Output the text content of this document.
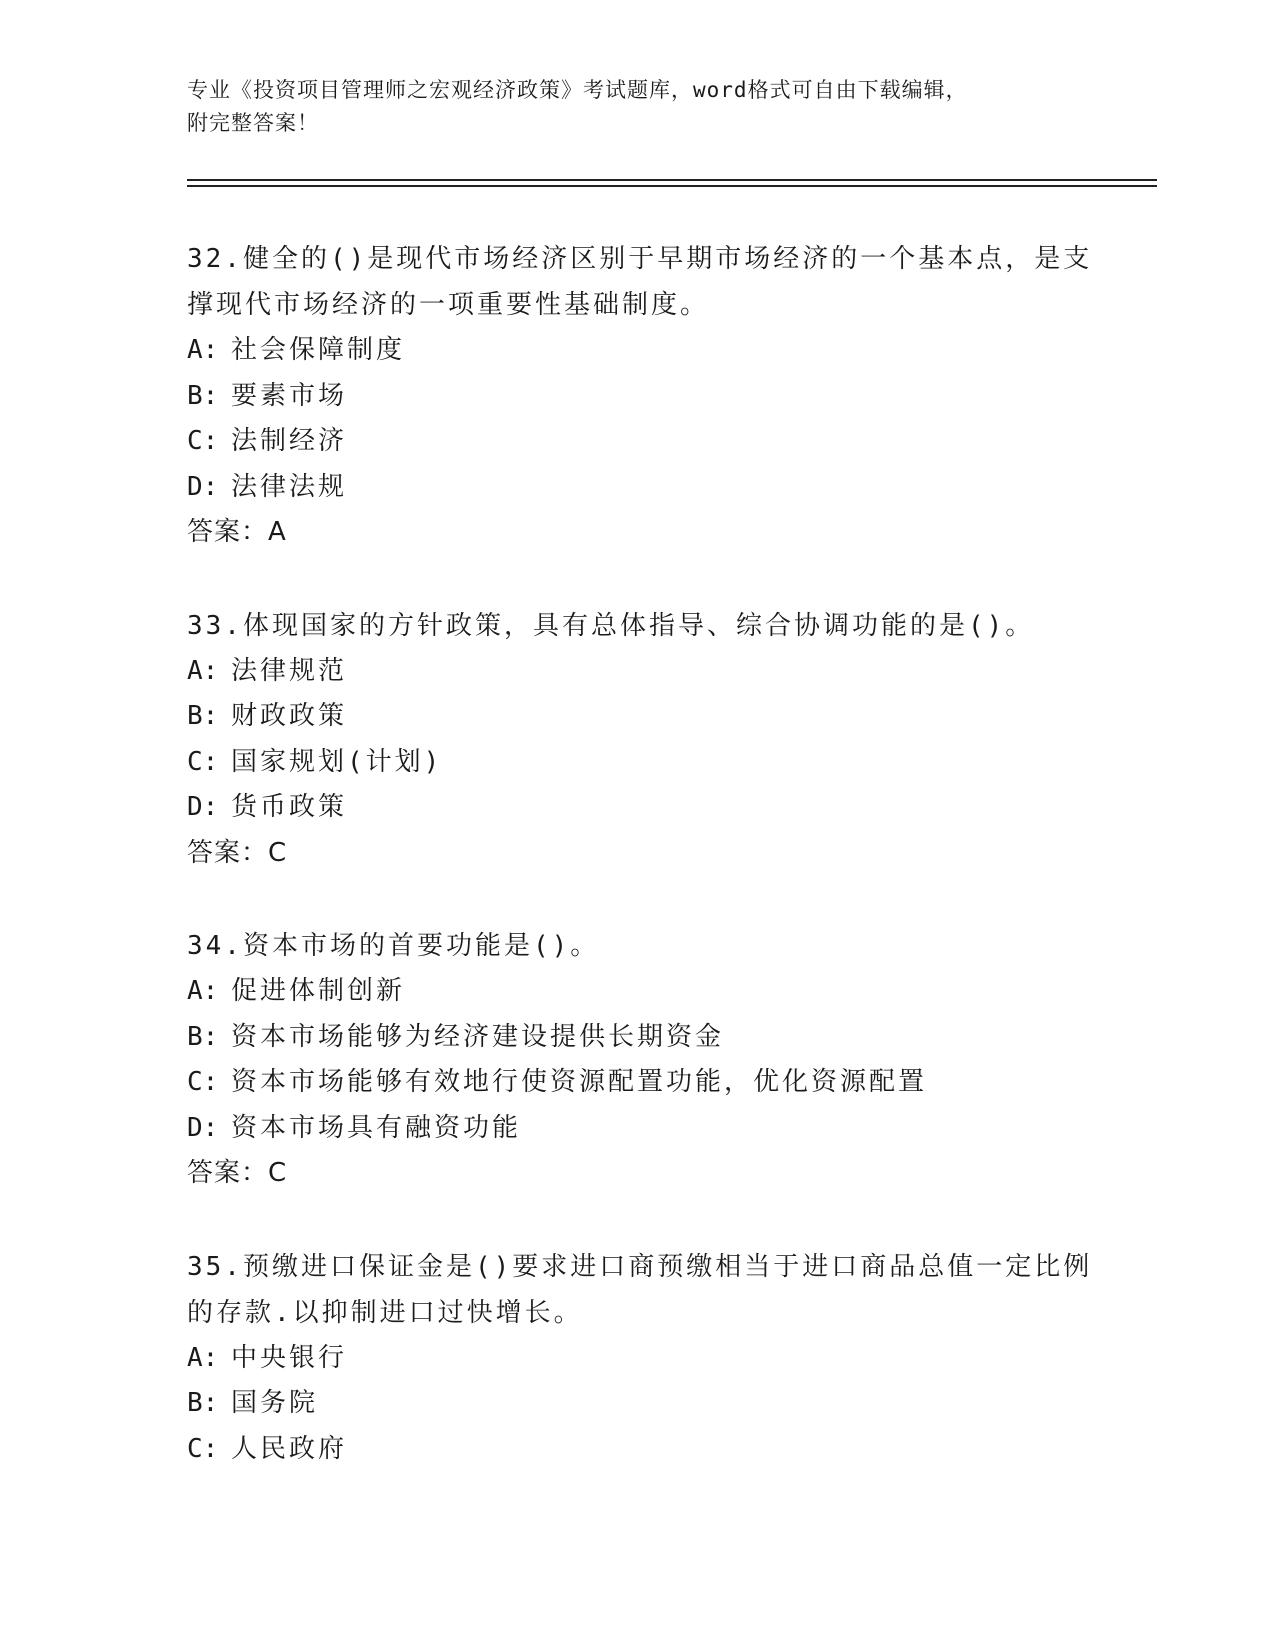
专业《投资项目管理师之宏观经济政策》考试题库，word格式可自由下载编辑，
附完整答案！
32.健全的()是现代市场经济区别于早期市场经济的一个基本点，是支
撑现代市场经济的一项重要性基础制度。
A: 社会保障制度
B: 要素市场
C: 法制经济
D: 法律法规
答案：A
33.体现国家的方针政策，具有总体指导、综合协调功能的是()。
A: 法律规范
B: 财政政策
C: 国家规划(计划)
D: 货币政策
答案：C
34.资本市场的首要功能是()。
A: 促进体制创新
B: 资本市场能够为经济建设提供长期资金
C: 资本市场能够有效地行使资源配置功能，优化资源配置
D: 资本市场具有融资功能
答案：C
35.预缴进口保证金是()要求进口商预缴相当于进口商品总值一定比例
的存款.以抑制进口过快增长。
A: 中央银行
B: 国务院
C: 人民政府
